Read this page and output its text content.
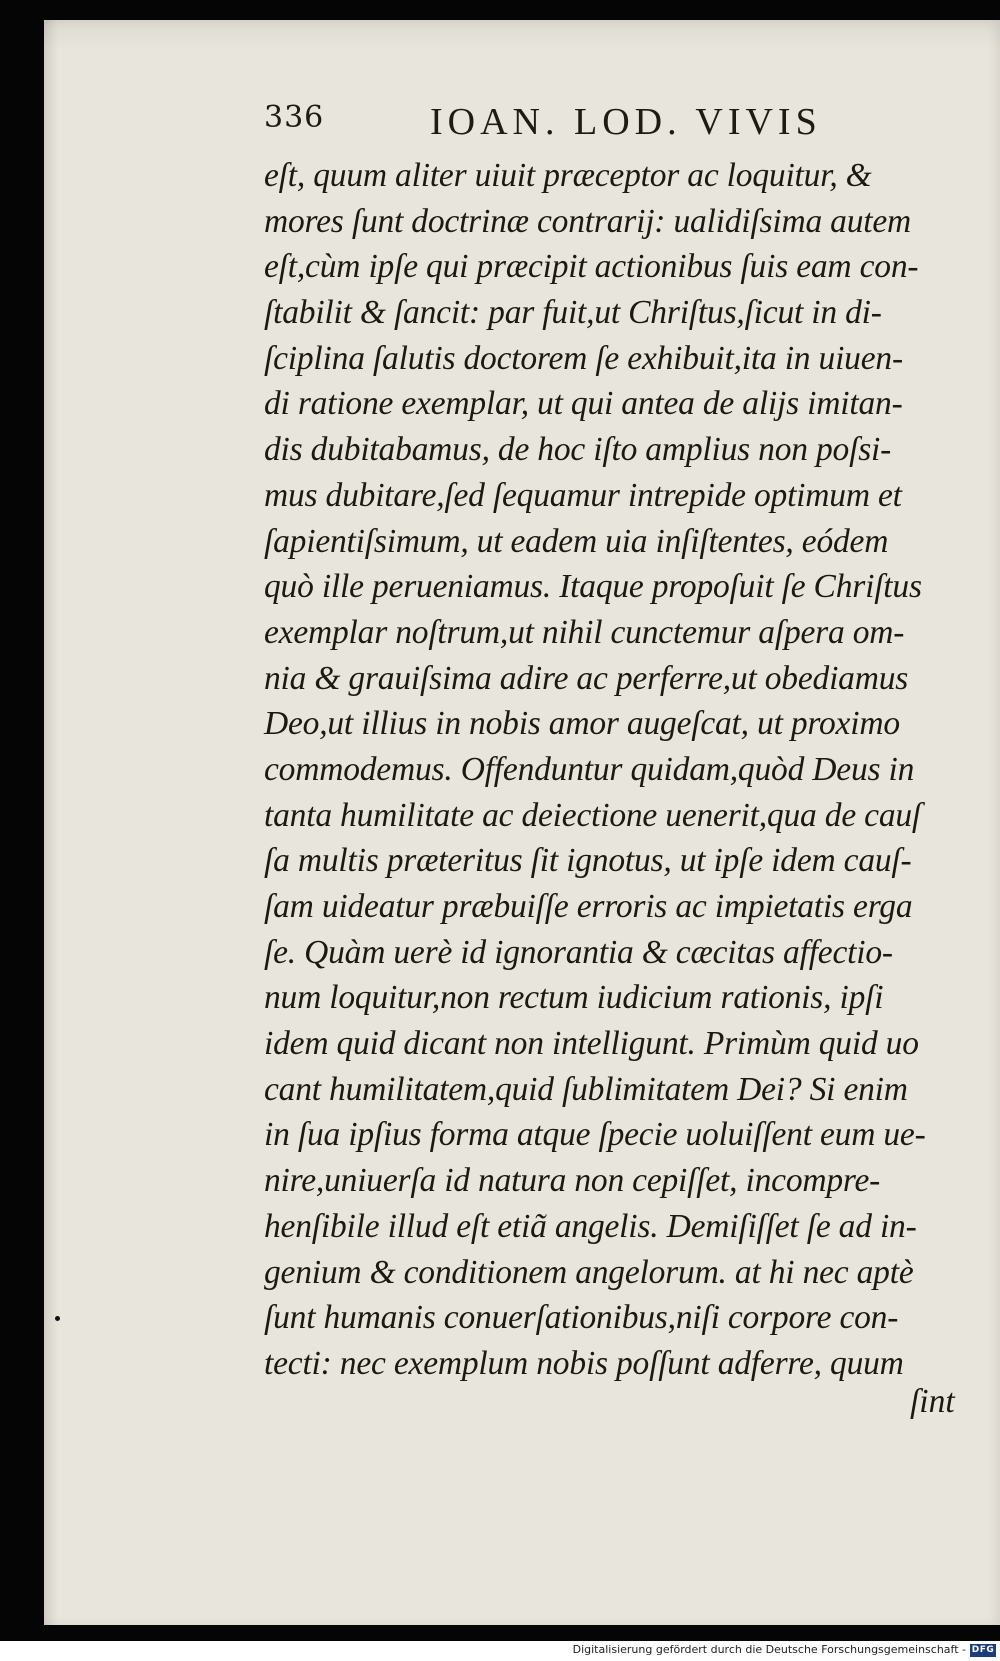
336	IOAN. LOD. VIVIS
eſt, quum aliter uiuit præceptor ac loquitur, &
mores ſunt doctrinæ contrarij: ualidiſsima autem
eſt,cùm ipſe qui præcipit actionibus ſuis eam con-
ſtabilit & ſancit: par fuit,ut Chriſtus,ſicut in di-
ſciplina ſalutis doctorem ſe exhibuit,ita in uiuen-
di ratione exemplar, ut qui antea de alijs imitan-
dis dubitabamus, de hoc iſto amplius non poſsi-
mus dubitare,ſed ſequamur intrepide optimum et
ſapientiſsimum, ut eadem uia inſiſtentes, eódem
quò ille perueniamus. Itaque propoſuit ſe Chriſtus
exemplar noſtrum,ut nihil cunctemur aſpera om-
nia & grauiſsima adire ac perferre,ut obediamus
Deo,ut illius in nobis amor augeſcat, ut proximo
commodemus. Offenduntur quidam,quòd Deus in
tanta humilitate ac deiectione uenerit,qua de cauſ
ſa multis præteritus ſit ignotus, ut ipſe idem cauſ-
ſam uideatur præbuiſſe erroris ac impietatis erga
ſe. Quàm uerè id ignorantia & cæcitas affectio-
num loquitur,non rectum iudicium rationis, ipſi
idem quid dicant non intelligunt. Primùm quid uo
cant humilitatem,quid ſublimitatem Dei? Si enim
in ſua ipſius forma atque ſpecie uoluiſſent eum ue-
nire,uniuerſa id natura non cepiſſet, incompre-
henſibile illud eſt etiã angelis. Demiſiſſet ſe ad in-
genium & conditionem angelorum. at hi nec aptè
ſunt humanis conuerſationibus,niſi corpore con-
tecti: nec exemplum nobis poſſunt adferre, quum
ſint
Digitalisierung gefördert durch die Deutsche Forschungsgemeinschaft - DFG
